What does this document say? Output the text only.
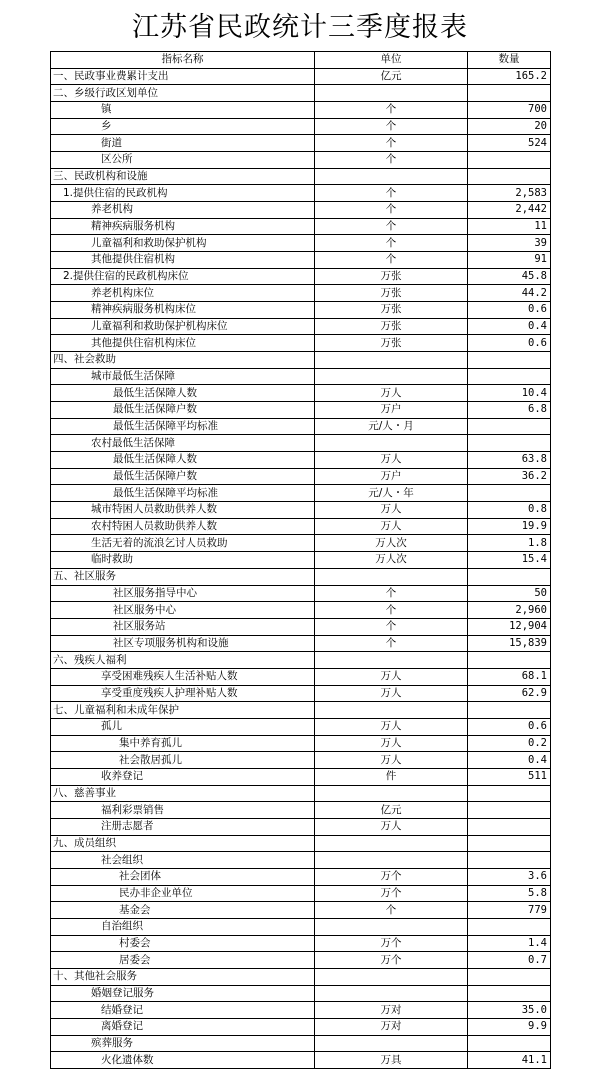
江苏省民政统计三季度报表
指标名称	单位	数量
一、民政事业费累计支出	亿元	165.2
二、乡级行政区划单位		
镇	个	700
乡	个	20
街道	个	524
区公所	个	
三、民政机构和设施		
1.提供住宿的民政机构	个	2,583
养老机构	个	2,442
精神疾病服务机构	个	11
儿童福利和救助保护机构	个	39
其他提供住宿机构	个	91
2.提供住宿的民政机构床位	万张	45.8
养老机构床位	万张	44.2
精神疾病服务机构床位	万张	0.6
儿童福利和救助保护机构床位	万张	0.4
其他提供住宿机构床位	万张	0.6
四、社会救助		
城市最低生活保障		
最低生活保障人数	万人	10.4
最低生活保障户数	万户	6.8
最低生活保障平均标准	元/人・月	
农村最低生活保障		
最低生活保障人数	万人	63.8
最低生活保障户数	万户	36.2
最低生活保障平均标准	元/人・年	
城市特困人员救助供养人数	万人	0.8
农村特困人员救助供养人数	万人	19.9
生活无着的流浪乞讨人员救助	万人次	1.8
临时救助	万人次	15.4
五、社区服务		
社区服务指导中心	个	50
社区服务中心	个	2,960
社区服务站	个	12,904
社区专项服务机构和设施	个	15,839
六、残疾人福利		
享受困难残疾人生活补贴人数	万人	68.1
享受重度残疾人护理补贴人数	万人	62.9
七、儿童福利和未成年保护		
孤儿	万人	0.6
集中养育孤儿	万人	0.2
社会散居孤儿	万人	0.4
收养登记	件	511
八、慈善事业		
福利彩票销售	亿元	
注册志愿者	万人	
九、成员组织		
社会组织		
社会团体	万个	3.6
民办非企业单位	万个	5.8
基金会	个	779
自治组织		
村委会	万个	1.4
居委会	万个	0.7
十、其他社会服务		
婚姻登记服务		
结婚登记	万对	35.0
离婚登记	万对	9.9
殡葬服务		
火化遗体数	万具	41.1
